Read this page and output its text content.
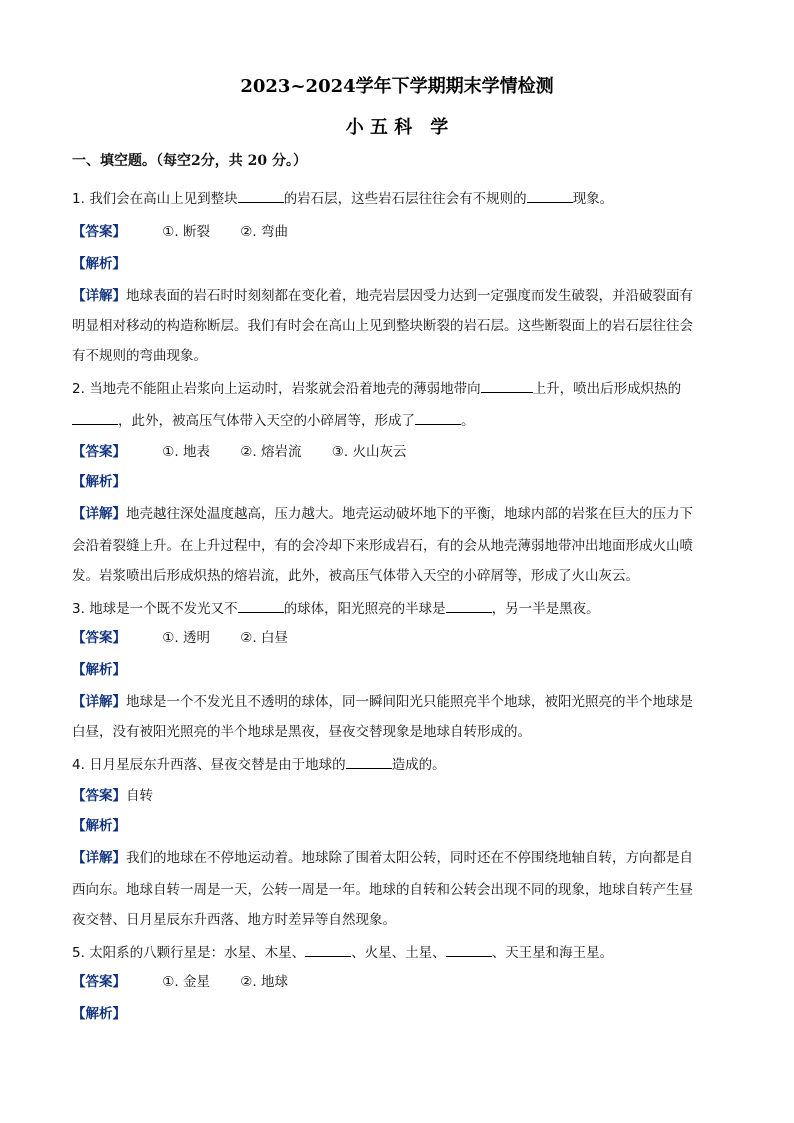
2023~2024学年下学期期末学情检测
小 五 科　学
一、填空题。（每空2分，共 20 分。）
1. 我们会在高山上见到整块	的岩石层，这些岩石层往往会有不规则的	现象。
【答案】	①. 断裂 ②. 弯曲
【解析】
【详解】地球表面的岩石时时刻刻都在变化着，地壳岩层因受力达到一定强度而发生破裂，并沿破裂面有
明显相对移动的构造称断层。我们有时会在高山上见到整块断裂的岩石层。这些断裂面上的岩石层往往会
有不规则的弯曲现象。
2. 当地壳不能阻止岩浆向上运动时，岩浆就会沿着地壳的薄弱地带向	上升，喷出后形成炽热的
，此外，被高压气体带入天空的小碎屑等，形成了	。
【答案】	①. 地表 ②. 熔岩流 ③. 火山灰云
【解析】
【详解】地壳越往深处温度越高，压力越大。地壳运动破坏地下的平衡，地球内部的岩浆在巨大的压力下
会沿着裂缝上升。在上升过程中，有的会冷却下来形成岩石，有的会从地壳薄弱地带冲出地面形成火山喷
发。岩浆喷出后形成炽热的熔岩流，此外，被高压气体带入天空的小碎屑等，形成了火山灰云。
3. 地球是一个既不发光又不	的球体，阳光照亮的半球是	，另一半是黑夜。
【答案】	①. 透明 ②. 白昼
【解析】
【详解】地球是一个不发光且不透明的球体，同一瞬间阳光只能照亮半个地球，被阳光照亮的半个地球是
白昼，没有被阳光照亮的半个地球是黑夜，昼夜交替现象是地球自转形成的。
4. 日月星辰东升西落、昼夜交替是由于地球的	造成的。
【答案】自转
【解析】
【详解】我们的地球在不停地运动着。地球除了围着太阳公转，同时还在不停围绕地轴自转，方向都是自
西向东。地球自转一周是一天，公转一周是一年。地球的自转和公转会出现不同的现象，地球自转产生昼
夜交替、日月星辰东升西落、地方时差异等自然现象。
5. 太阳系的八颗行星是：水星、木星、	、火星、土星、	、天王星和海王星。
【答案】	①. 金星 ②. 地球
【解析】
